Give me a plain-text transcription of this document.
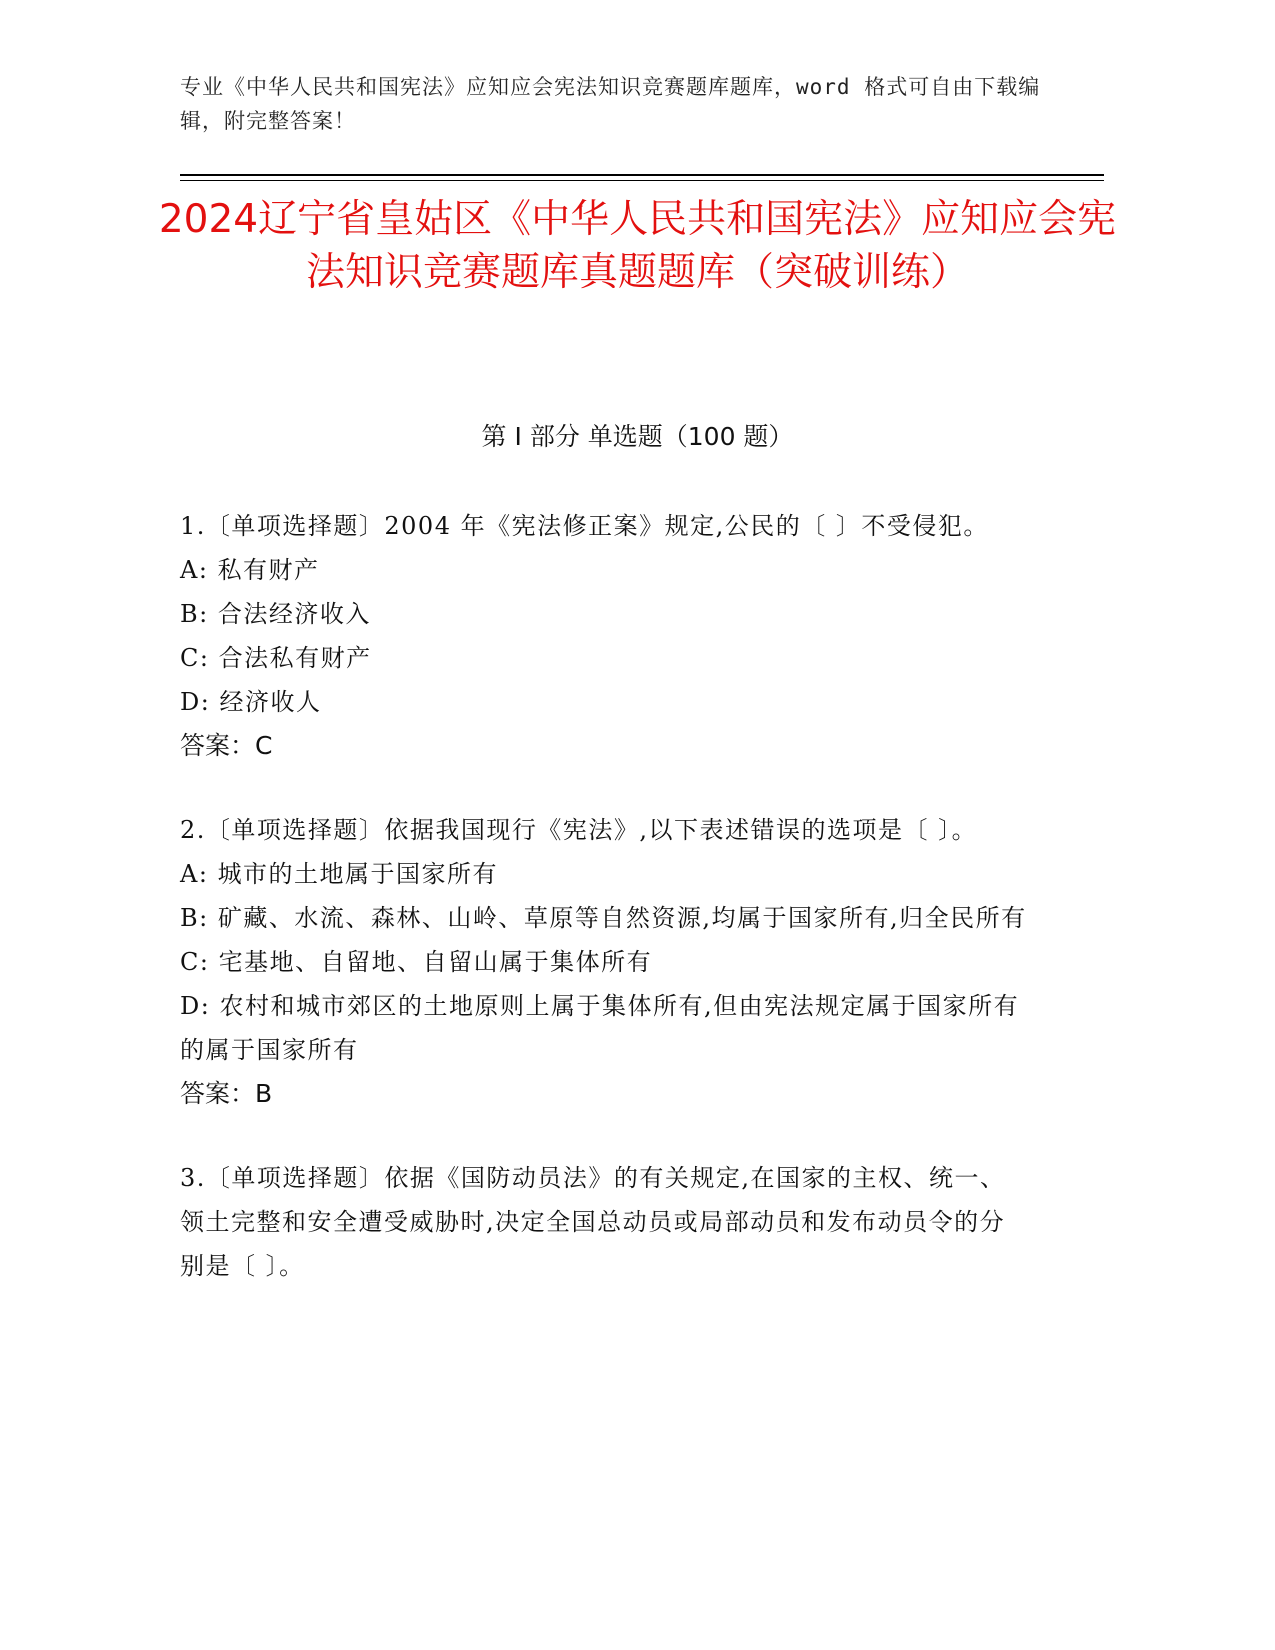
专业《中华人民共和国宪法》应知应会宪法知识竞赛题库题库，word 格式可自由下载编辑，附完整答案！
2024辽宁省皇姑区《中华人民共和国宪法》应知应会宪法知识竞赛题库真题题库（突破训练）
第 I 部分 单选题（100 题）
1.〔单项选择题〕2004 年《宪法修正案》规定,公民的〔 〕不受侵犯。
A: 私有财产
B: 合法经济收入
C: 合法私有财产
D: 经济收人
答案：C
2.〔单项选择题〕依据我国现行《宪法》,以下表述错误的选项是〔 〕。
A: 城市的土地属于国家所有
B: 矿藏、水流、森林、山岭、草原等自然资源,均属于国家所有,归全民所有
C: 宅基地、自留地、自留山属于集体所有
D: 农村和城市郊区的土地原则上属于集体所有,但由宪法规定属于国家所有的属于国家所有
答案：B
3.〔单项选择题〕依据《国防动员法》的有关规定,在国家的主权、统一、领土完整和安全遭受威胁时,决定全国总动员或局部动员和发布动员令的分别是〔 〕。
